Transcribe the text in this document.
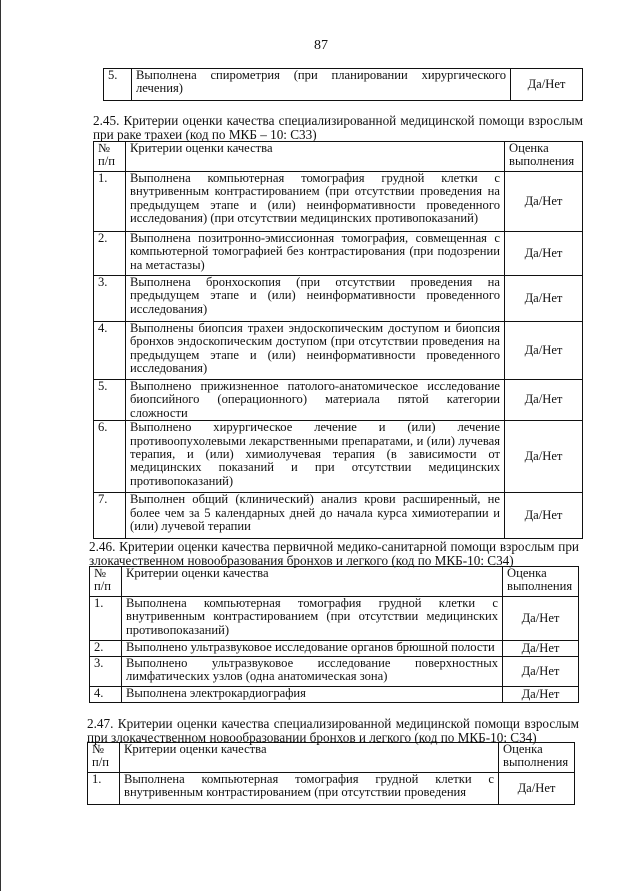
87
5.	Выполнена спирометрия (при планировании хирургического лечения)	Да/Нет
2.45. Критерии оценки качества специализированной медицинской помощи взрослым при раке трахеи (код по МКБ – 10: С33)
№ п/п	Критерии оценки качества	Оценка выполнения
1.	Выполнена компьютерная томография грудной клетки с внутривенным контрастированием (при отсутствии проведения на предыдущем этапе и (или) неинформативности проведенного исследования) (при отсутствии медицинских противопоказаний)	Да/Нет
2.	Выполнена позитронно-эмиссионная томография, совмещенная с компьютерной томографией без контрастирования (при подозрении на метастазы)	Да/Нет
3.	Выполнена бронхоскопия (при отсутствии проведения на предыдущем этапе и (или) неинформативности проведенного исследования)	Да/Нет
4.	Выполнены биопсия трахеи эндоскопическим доступом и биопсия бронхов эндоскопическим доступом (при отсутствии проведения на предыдущем этапе и (или) неинформативности проведенного исследования)	Да/Нет
5.	Выполнено прижизненное патолого-анатомическое исследование биопсийного (операционного) материала пятой категории сложности	Да/Нет
6.	Выполнено хирургическое лечение и (или) лечение противоопухолевыми лекарственными препаратами, и (или) лучевая терапия, и (или) химиолучевая терапия (в зависимости от медицинских показаний и при отсутствии медицинских противопоказаний)	Да/Нет
7.	Выполнен общий (клинический) анализ крови расширенный, не более чем за 5 календарных дней до начала курса химиотерапии и (или) лучевой терапии	Да/Нет
2.46. Критерии оценки качества первичной медико-санитарной помощи взрослым при злокачественном новообразования бронхов и легкого (код по МКБ-10: С34)
№ п/п	Критерии оценки качества	Оценка выполнения
1.	Выполнена компьютерная томография грудной клетки с внутривенным контрастированием (при отсутствии медицинских противопоказаний)	Да/Нет
2.	Выполнено ультразвуковое исследование органов брюшной полости	Да/Нет
3.	Выполнено ультразвуковое исследование поверхностных лимфатических узлов (одна анатомическая зона)	Да/Нет
4.	Выполнена электрокардиография	Да/Нет
2.47. Критерии оценки качества специализированной медицинской помощи взрослым при злокачественном новообразовании бронхов и легкого (код по МКБ-10: С34)
№ п/п	Критерии оценки качества	Оценка выполнения
1.	Выполнена компьютерная томография грудной клетки с внутривенным контрастированием (при отсутствии проведения	Да/Нет
